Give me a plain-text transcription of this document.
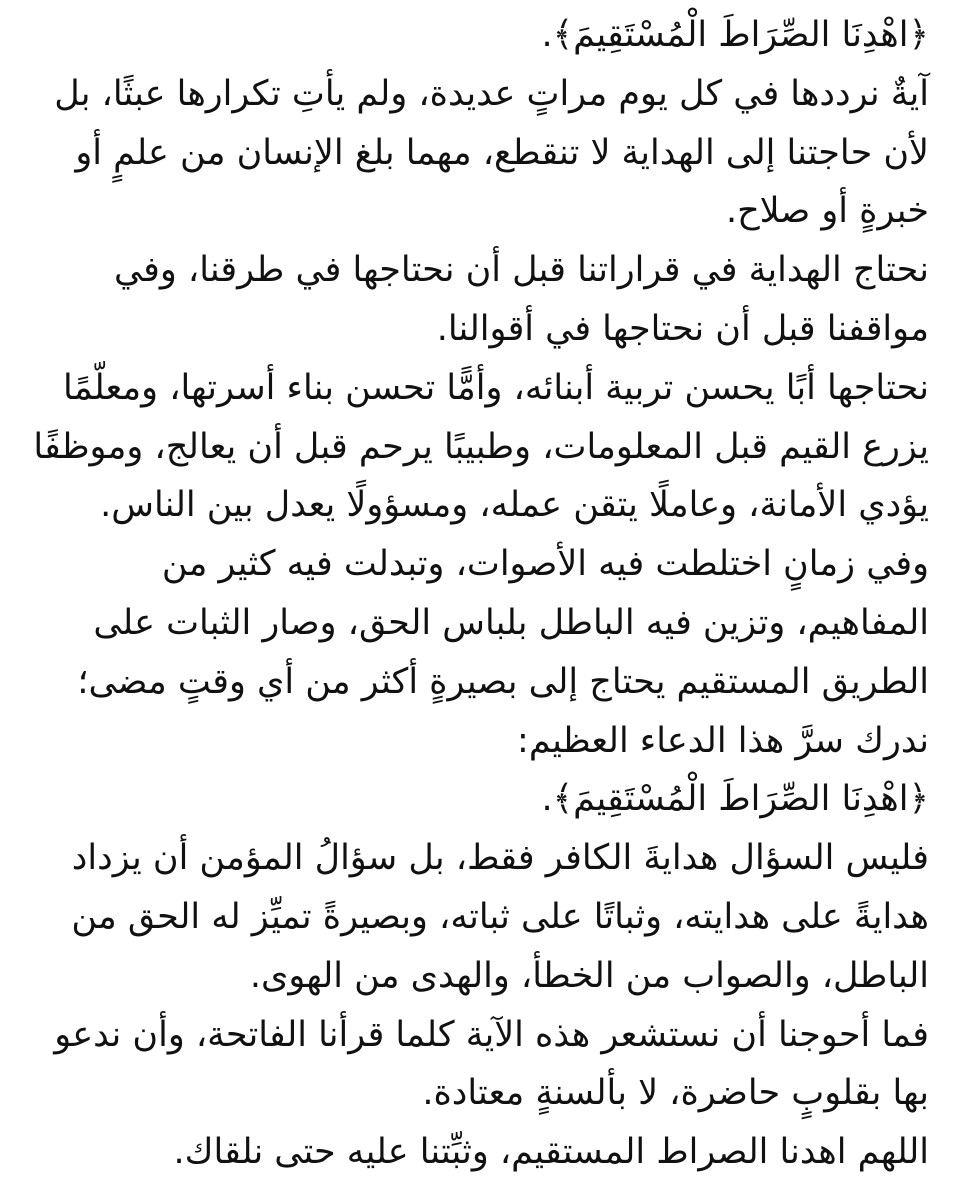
﴿اهْدِنَا الصِّرَاطَ الْمُسْتَقِيمَ﴾.
آيةٌ نرددها في كل يوم مراتٍ عديدة، ولم يأتِ تكرارها عبثًا، بل
لأن حاجتنا إلى الهداية لا تنقطع، مهما بلغ الإنسان من علمٍ أو
خبرةٍ أو صلاح.
نحتاج الهداية في قراراتنا قبل أن نحتاجها في طرقنا، وفي
مواقفنا قبل أن نحتاجها في أقوالنا.
نحتاجها أبًا يحسن تربية أبنائه، وأمًّا تحسن بناء أسرتها، ومعلّمًا
يزرع القيم قبل المعلومات، وطبيبًا يرحم قبل أن يعالج، وموظفًا
يؤدي الأمانة، وعاملًا يتقن عمله، ومسؤولًا يعدل بين الناس.
وفي زمانٍ اختلطت فيه الأصوات، وتبدلت فيه كثير من
المفاهيم، وتزين فيه الباطل بلباس الحق، وصار الثبات على
الطريق المستقيم يحتاج إلى بصيرةٍ أكثر من أي وقتٍ مضى؛
ندرك سرَّ هذا الدعاء العظيم:
﴿اهْدِنَا الصِّرَاطَ الْمُسْتَقِيمَ﴾.
فليس السؤال هدايةَ الكافر فقط، بل سؤالُ المؤمن أن يزداد
هدايةً على هدايته، وثباتًا على ثباته، وبصيرةً تميِّز له الحق من
الباطل، والصواب من الخطأ، والهدى من الهوى.
فما أحوجنا أن نستشعر هذه الآية كلما قرأنا الفاتحة، وأن ندعو
بها بقلوبٍ حاضرة، لا بألسنةٍ معتادة.
اللهم اهدنا الصراط المستقيم، وثبِّتنا عليه حتى نلقاك.
